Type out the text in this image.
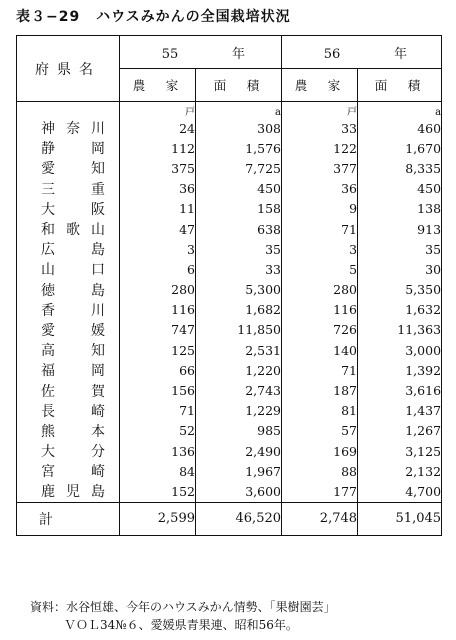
表３−29 ハウスみかんの全国栽培状況
府県名	55 年		56 年	
	農　家	面　積	農　家	面　積
	戸	a	戸	a
神奈川	24	308	33	460
静岡	112	1,576	122	1,670
愛知	375	7,725	377	8,335
三重	36	450	36	450
大阪	11	158	9	138
和歌山	47	638	71	913
広島	3	35	3	35
山口	6	33	5	30
徳島	280	5,300	280	5,350
香川	116	1,682	116	1,632
愛媛	747	11,850	726	11,363
高知	125	2,531	140	3,000
福岡	66	1,220	71	1,392
佐賀	156	2,743	187	3,616
長崎	71	1,229	81	1,437
熊本	52	985	57	1,267
大分	136	2,490	169	3,125
宮崎	84	1,967	88	2,132
鹿児島	152	3,600	177	4,700
計	2,599	46,520	2,748	51,045
資料：水谷恒雄、今年のハウスみかん情勢、「果樹園芸」
ＶＯＬ34№６、愛媛県青果連、昭和56年。
